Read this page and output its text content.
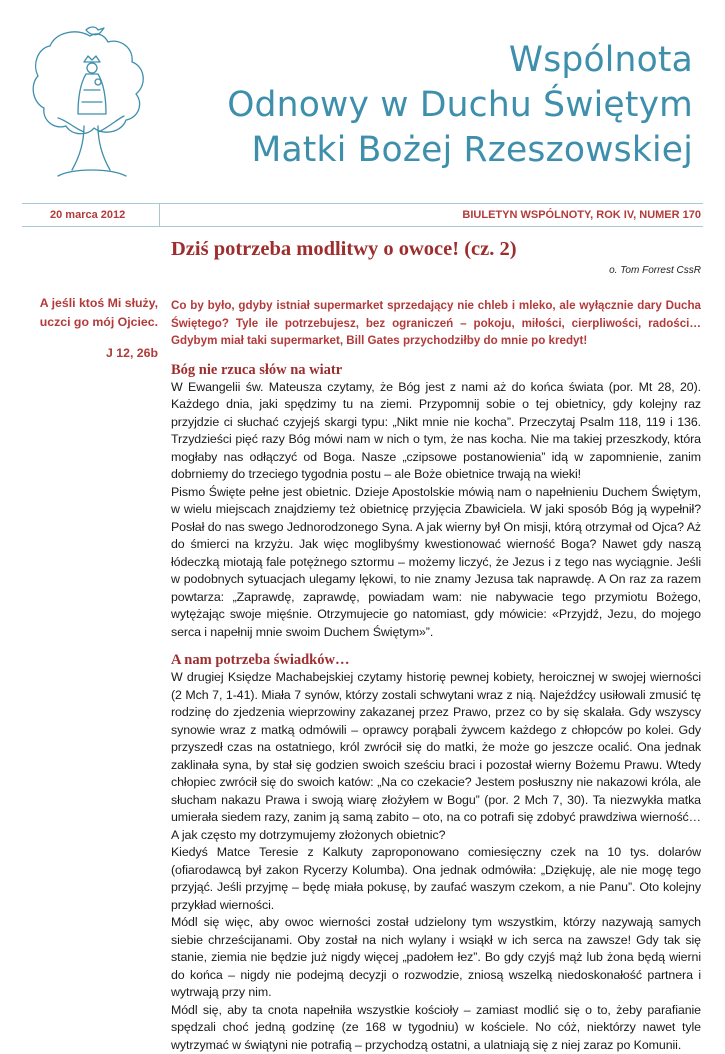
Wspólnota
Odnowy w Duchu Świętym
Matki Bożej Rzeszowskiej
20 marca 2012	BIULETYN WSPÓLNOTY, ROK IV, NUMER 170
A jeśli ktoś Mi służy, uczci go mój Ojciec.
J 12, 26b
Dziś potrzeba modlitwy o owoce! (cz. 2)
o. Tom Forrest CssR
Co by było, gdyby istniał supermarket sprzedający nie chleb i mleko, ale wyłącznie dary Ducha Świętego? Tyle ile potrzebujesz, bez ograniczeń – pokoju, miłości, cierpliwości, radości… Gdybym miał taki supermarket, Bill Gates przychodziłby do mnie po kredyt!
Bóg nie rzuca słów na wiatr
W Ewangelii św. Mateusza czytamy, że Bóg jest z nami aż do końca świata (por. Mt 28, 20). Każdego dnia, jaki spędzimy tu na ziemi. Przypomnij sobie o tej obietnicy, gdy kolejny raz przyjdzie ci słuchać czyjejś skargi typu: „Nikt mnie nie kocha”. Przeczytaj Psalm 118, 119 i 136. Trzydzieści pięć razy Bóg mówi nam w nich o tym, że nas kocha. Nie ma takiej przeszkody, która mogłaby nas odłączyć od Boga. Nasze „czipsowe postanowienia” idą w zapomnienie, zanim dobrniemy do trzeciego tygodnia postu – ale Boże obietnice trwają na wieki!
Pismo Święte pełne jest obietnic. Dzieje Apostolskie mówią nam o napełnieniu Duchem Świętym, w wielu miejscach znajdziemy też obietnicę przyjęcia Zbawiciela. W jaki sposób Bóg ją wypełnił? Posłał do nas swego Jednorodzonego Syna. A jak wierny był On misji, którą otrzymał od Ojca? Aż do śmierci na krzyżu. Jak więc moglibyśmy kwestionować wierność Boga? Nawet gdy naszą łódeczką miotają fale potężnego sztormu – możemy liczyć, że Jezus i z tego nas wyciągnie. Jeśli w podobnych sytuacjach ulegamy lękowi, to nie znamy Jezusa tak naprawdę. A On raz za razem powtarza: „Zaprawdę, zaprawdę, powiadam wam: nie nabywacie tego przymiotu Bożego, wytężając swoje mięśnie. Otrzymujecie go natomiast, gdy mówicie: «Przyjdź, Jezu, do mojego serca i napełnij mnie swoim Duchem Świętym»”.
A nam potrzeba świadków…
W drugiej Księdze Machabejskiej czytamy historię pewnej kobiety, heroicznej w swojej wierności (2 Mch 7, 1-41). Miała 7 synów, którzy zostali schwytani wraz z nią. Najeźdźcy usiłowali zmusić tę rodzinę do zjedzenia wieprzowiny zakazanej przez Prawo, przez co by się skalała. Gdy wszyscy synowie wraz z matką odmówili – oprawcy porąbali żywcem każdego z chłopców po kolei. Gdy przyszedł czas na ostatniego, król zwrócił się do matki, że może go jeszcze ocalić. Ona jednak zaklinała syna, by stał się godzien swoich sześciu braci i pozostał wierny Bożemu Prawu. Wtedy chłopiec zwrócił się do swoich katów: „Na co czekacie? Jestem posłuszny nie nakazowi króla, ale słucham nakazu Prawa i swoją wiarę złożyłem w Bogu” (por. 2 Mch 7, 30). Ta niezwykła matka umierała siedem razy, zanim ją samą zabito – oto, na co potrafi się zdobyć prawdziwa wierność… A jak często my dotrzymujemy złożonych obietnic?
Kiedyś Matce Teresie z Kalkuty zaproponowano comiesięczny czek na 10 tys. dolarów (ofiarodawcą był zakon Rycerzy Kolumba). Ona jednak odmówiła: „Dziękuję, ale nie mogę tego przyjąć. Jeśli przyjmę – będę miała pokusę, by zaufać waszym czekom, a nie Panu”. Oto kolejny przykład wierności.
Módl się więc, aby owoc wierności został udzielony tym wszystkim, którzy nazywają samych siebie chrześcijanami. Oby został na nich wylany i wsiąkł w ich serca na zawsze! Gdy tak się stanie, ziemia nie będzie już nigdy więcej „padołem łez”. Bo gdy czyjś mąż lub żona będą wierni do końca – nigdy nie podejmą decyzji o rozwodzie, zniosą wszelką niedoskonałość partnera i wytrwają przy nim.
Módl się, aby ta cnota napełniła wszystkie kościoły – zamiast modlić się o to, żeby parafianie spędzali choć jedną godzinę (ze 168 w tygodniu) w kościele. No cóż, niektórzy nawet tyle wytrzymać w świątyni nie potrafią – przychodzą ostatni, a ulatniają się z niej zaraz po Komunii.
